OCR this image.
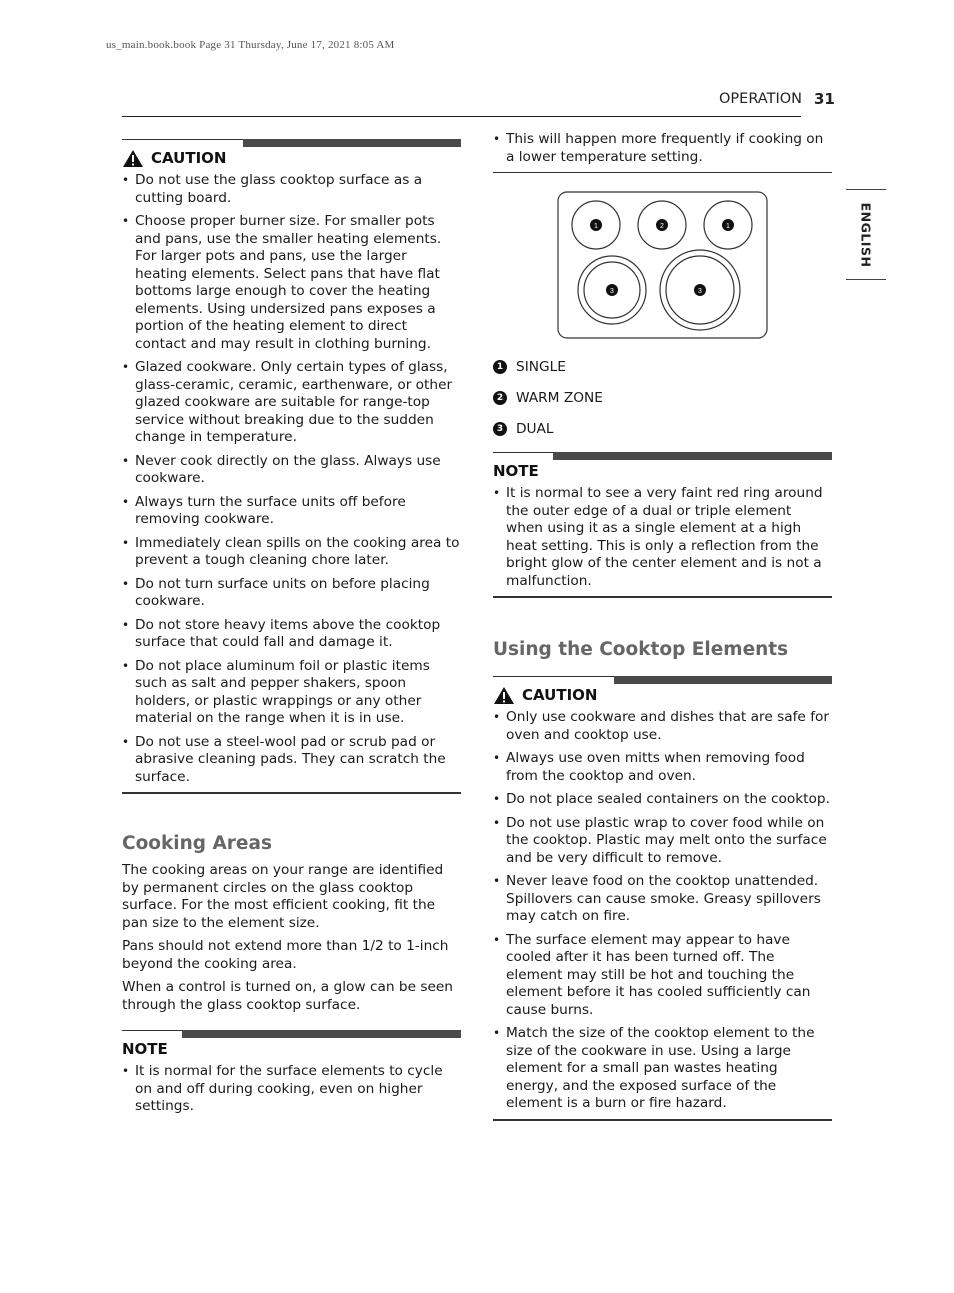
us_main.book.book Page 31 Thursday, June 17, 2021 8:05 AM
OPERATION 31
ENGLISH
CAUTION
• Do not use the glass cooktop surface as a cutting board.
• Choose proper burner size. For smaller pots and pans, use the smaller heating elements. For larger pots and pans, use the larger heating elements. Select pans that have flat bottoms large enough to cover the heating elements. Using undersized pans exposes a portion of the heating element to direct contact and may result in clothing burning.
• Glazed cookware. Only certain types of glass, glass-ceramic, ceramic, earthenware, or other glazed cookware are suitable for range-top service without breaking due to the sudden change in temperature.
• Never cook directly on the glass. Always use cookware.
• Always turn the surface units off before removing cookware.
• Immediately clean spills on the cooking area to prevent a tough cleaning chore later.
• Do not turn surface units on before placing cookware.
• Do not store heavy items above the cooktop surface that could fall and damage it.
• Do not place aluminum foil or plastic items such as salt and pepper shakers, spoon holders, or plastic wrappings or any other material on the range when it is in use.
• Do not use a steel-wool pad or scrub pad or abrasive cleaning pads. They can scratch the surface.
Cooking Areas

The cooking areas on your range are identified by permanent circles on the glass cooktop surface. For the most efficient cooking, fit the pan size to the element size.

Pans should not extend more than 1/2 to 1-inch beyond the cooking area.

When a control is turned on, a glow can be seen through the glass cooktop surface.

NOTE
• It is normal for the surface elements to cycle on and off during cooking, even on higher settings.
• This will happen more frequently if cooking on a lower temperature setting.
1	2	1
3	3
1 SINGLE
2 WARM ZONE
3 DUAL
NOTE
• It is normal to see a very faint red ring around the outer edge of a dual or triple element when using it as a single element at a high heat setting. This is only a reflection from the bright glow of the center element and is not a malfunction.
Using the Cooktop Elements
CAUTION
• Only use cookware and dishes that are safe for oven and cooktop use.
• Always use oven mitts when removing food from the cooktop and oven.
• Do not place sealed containers on the cooktop.
• Do not use plastic wrap to cover food while on the cooktop. Plastic may melt onto the surface and be very difficult to remove.
• Never leave food on the cooktop unattended. Spillovers can cause smoke. Greasy spillovers may catch on fire.
• The surface element may appear to have cooled after it has been turned off. The element may still be hot and touching the element before it has cooled sufficiently can cause burns.
• Match the size of the cooktop element to the size of the cookware in use. Using a large element for a small pan wastes heating energy, and the exposed surface of the element is a burn or fire hazard.
